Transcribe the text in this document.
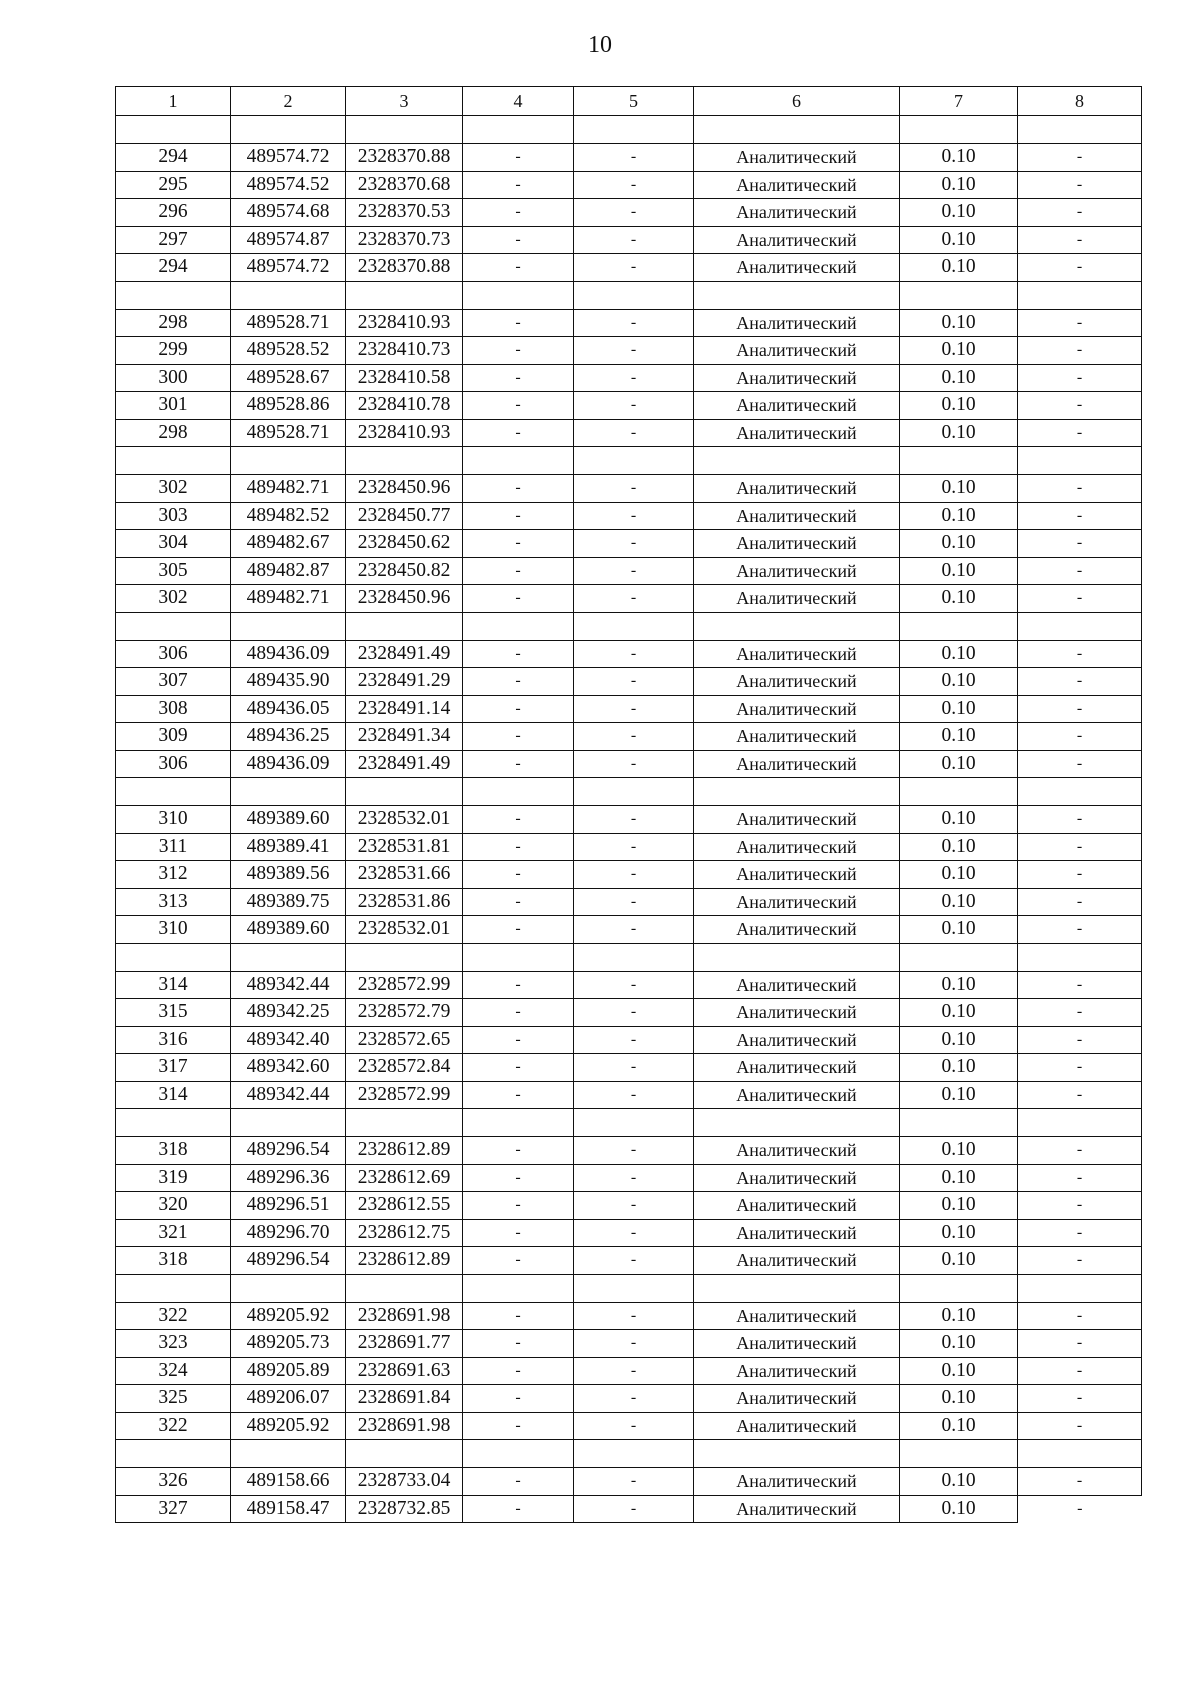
10
1	2	3	4	5	6	7	8

294	489574.72	2328370.88	-	-	Аналитический	0.10	-
295	489574.52	2328370.68	-	-	Аналитический	0.10	-
296	489574.68	2328370.53	-	-	Аналитический	0.10	-
297	489574.87	2328370.73	-	-	Аналитический	0.10	-
294	489574.72	2328370.88	-	-	Аналитический	0.10	-

298	489528.71	2328410.93	-	-	Аналитический	0.10	-
299	489528.52	2328410.73	-	-	Аналитический	0.10	-
300	489528.67	2328410.58	-	-	Аналитический	0.10	-
301	489528.86	2328410.78	-	-	Аналитический	0.10	-
298	489528.71	2328410.93	-	-	Аналитический	0.10	-

302	489482.71	2328450.96	-	-	Аналитический	0.10	-
303	489482.52	2328450.77	-	-	Аналитический	0.10	-
304	489482.67	2328450.62	-	-	Аналитический	0.10	-
305	489482.87	2328450.82	-	-	Аналитический	0.10	-
302	489482.71	2328450.96	-	-	Аналитический	0.10	-

306	489436.09	2328491.49	-	-	Аналитический	0.10	-
307	489435.90	2328491.29	-	-	Аналитический	0.10	-
308	489436.05	2328491.14	-	-	Аналитический	0.10	-
309	489436.25	2328491.34	-	-	Аналитический	0.10	-
306	489436.09	2328491.49	-	-	Аналитический	0.10	-

310	489389.60	2328532.01	-	-	Аналитический	0.10	-
311	489389.41	2328531.81	-	-	Аналитический	0.10	-
312	489389.56	2328531.66	-	-	Аналитический	0.10	-
313	489389.75	2328531.86	-	-	Аналитический	0.10	-
310	489389.60	2328532.01	-	-	Аналитический	0.10	-

314	489342.44	2328572.99	-	-	Аналитический	0.10	-
315	489342.25	2328572.79	-	-	Аналитический	0.10	-
316	489342.40	2328572.65	-	-	Аналитический	0.10	-
317	489342.60	2328572.84	-	-	Аналитический	0.10	-
314	489342.44	2328572.99	-	-	Аналитический	0.10	-

318	489296.54	2328612.89	-	-	Аналитический	0.10	-
319	489296.36	2328612.69	-	-	Аналитический	0.10	-
320	489296.51	2328612.55	-	-	Аналитический	0.10	-
321	489296.70	2328612.75	-	-	Аналитический	0.10	-
318	489296.54	2328612.89	-	-	Аналитический	0.10	-

322	489205.92	2328691.98	-	-	Аналитический	0.10	-
323	489205.73	2328691.77	-	-	Аналитический	0.10	-
324	489205.89	2328691.63	-	-	Аналитический	0.10	-
325	489206.07	2328691.84	-	-	Аналитический	0.10	-
322	489205.92	2328691.98	-	-	Аналитический	0.10	-

326	489158.66	2328733.04	-	-	Аналитический	0.10	-
327	489158.47	2328732.85	-	-	Аналитический	0.10	-
